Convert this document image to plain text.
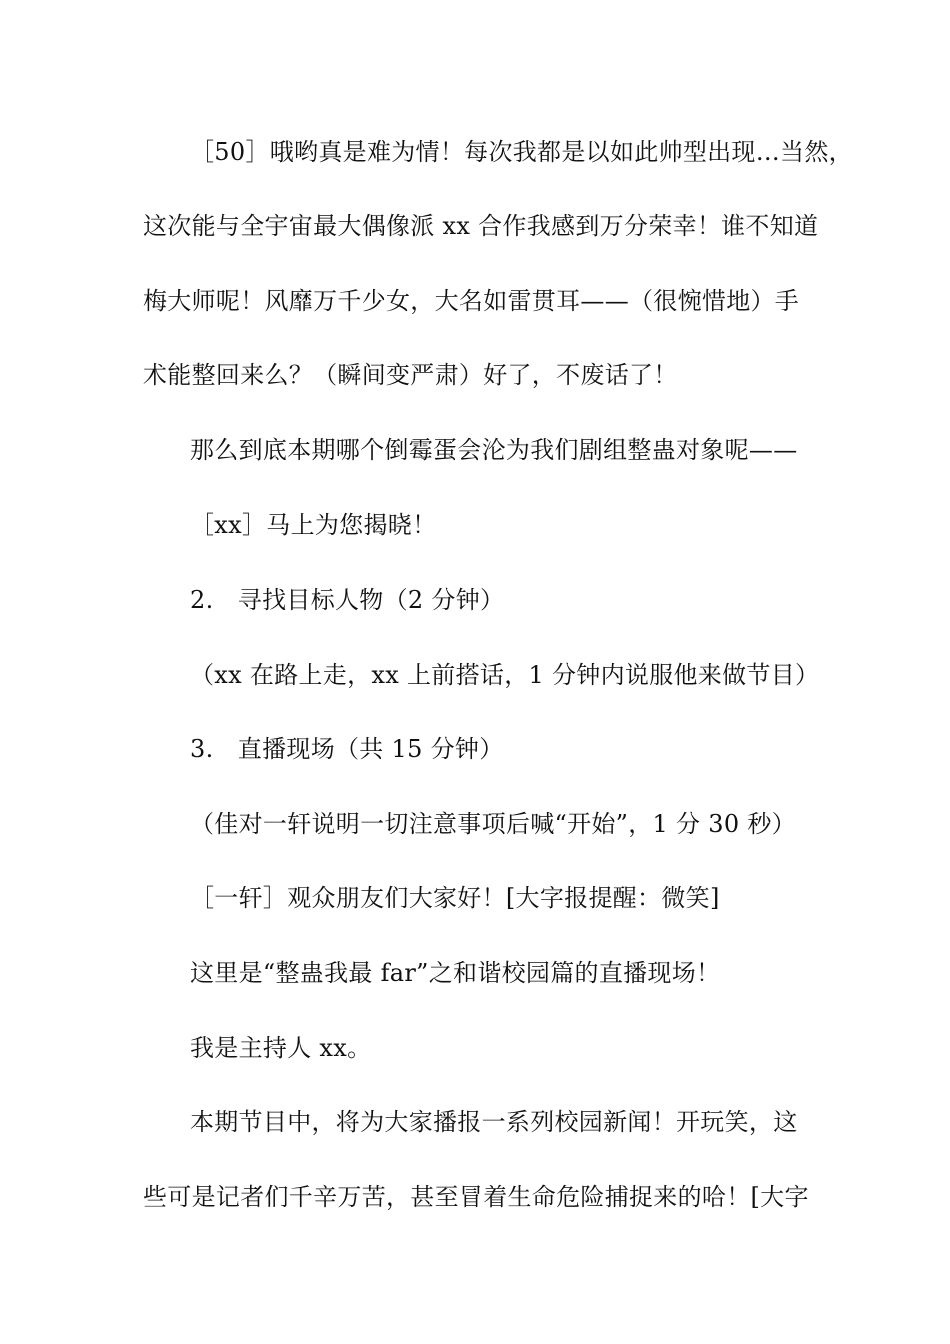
［50］哦哟真是难为情！每次我都是以如此帅型出现…当然，

这次能与全宇宙最大偶像派 xx 合作我感到万分荣幸！谁不知道

梅大师呢！风靡万千少女，大名如雷贯耳——（很惋惜地）手

术能整回来么？（瞬间变严肃）好了，不废话了！

那么到底本期哪个倒霉蛋会沦为我们剧组整蛊对象呢——

［xx］马上为您揭晓！

2.　寻找目标人物（2 分钟）

（xx 在路上走，xx 上前搭话，1 分钟内说服他来做节目）

3.　直播现场（共 15 分钟）

（佳对一轩说明一切注意事项后喊“开始”，1 分 30 秒）

［一轩］观众朋友们大家好！[大字报提醒：微笑]

这里是“整蛊我最 far”之和谐校园篇的直播现场！

我是主持人 xx。

本期节目中，将为大家播报一系列校园新闻！开玩笑，这

些可是记者们千辛万苦，甚至冒着生命危险捕捉来的哈！[大字
